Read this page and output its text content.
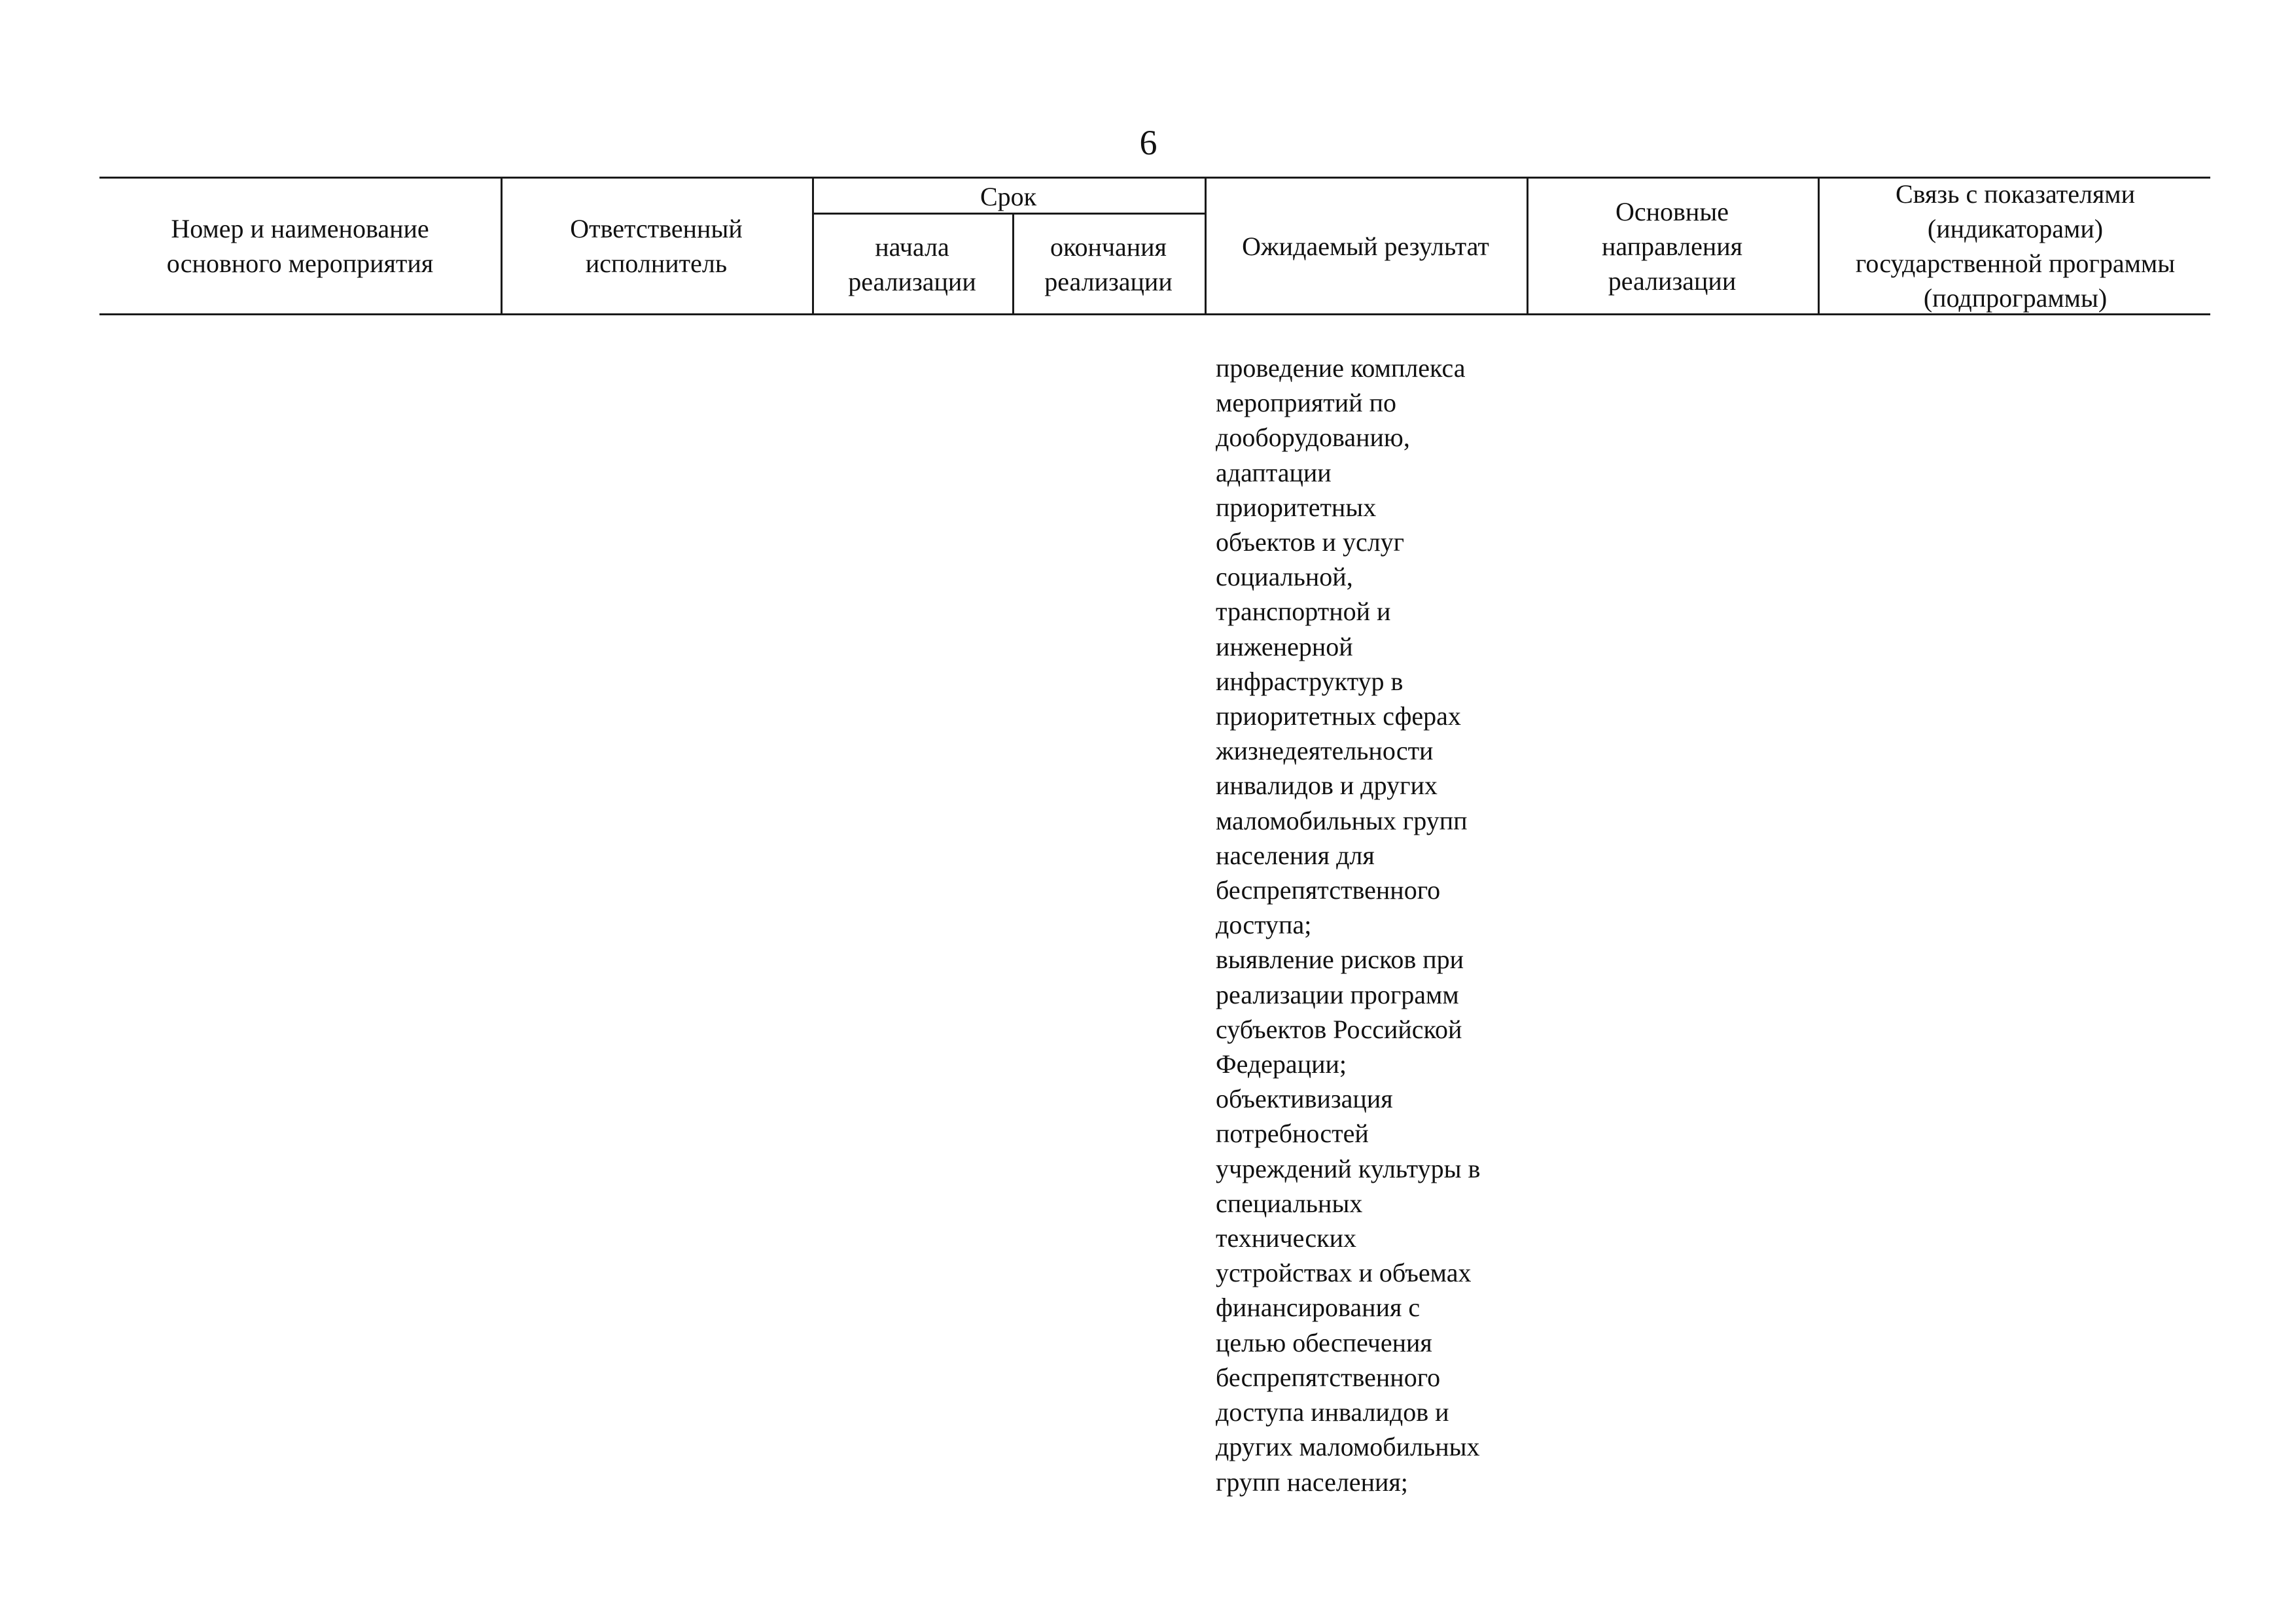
6
Номер и наименование
основного мероприятия
Ответственный
исполнитель
Срок
начала
реализации
окончания
реализации
Ожидаемый результат
Основные
направления
реализации
Связь с показателями
(индикаторами)
государственной программы
(подпрограммы)
проведение комплекса
мероприятий по
дооборудованию,
адаптации
приоритетных
объектов и услуг
социальной,
транспортной и
инженерной
инфраструктур в
приоритетных сферах
жизнедеятельности
инвалидов и других
маломобильных групп
населения для
беспрепятственного
доступа;
выявление рисков при
реализации программ
субъектов Российской
Федерации;
объективизация
потребностей
учреждений культуры в
специальных
технических
устройствах и объемах
финансирования с
целью обеспечения
беспрепятственного
доступа инвалидов и
других маломобильных
групп населения;
